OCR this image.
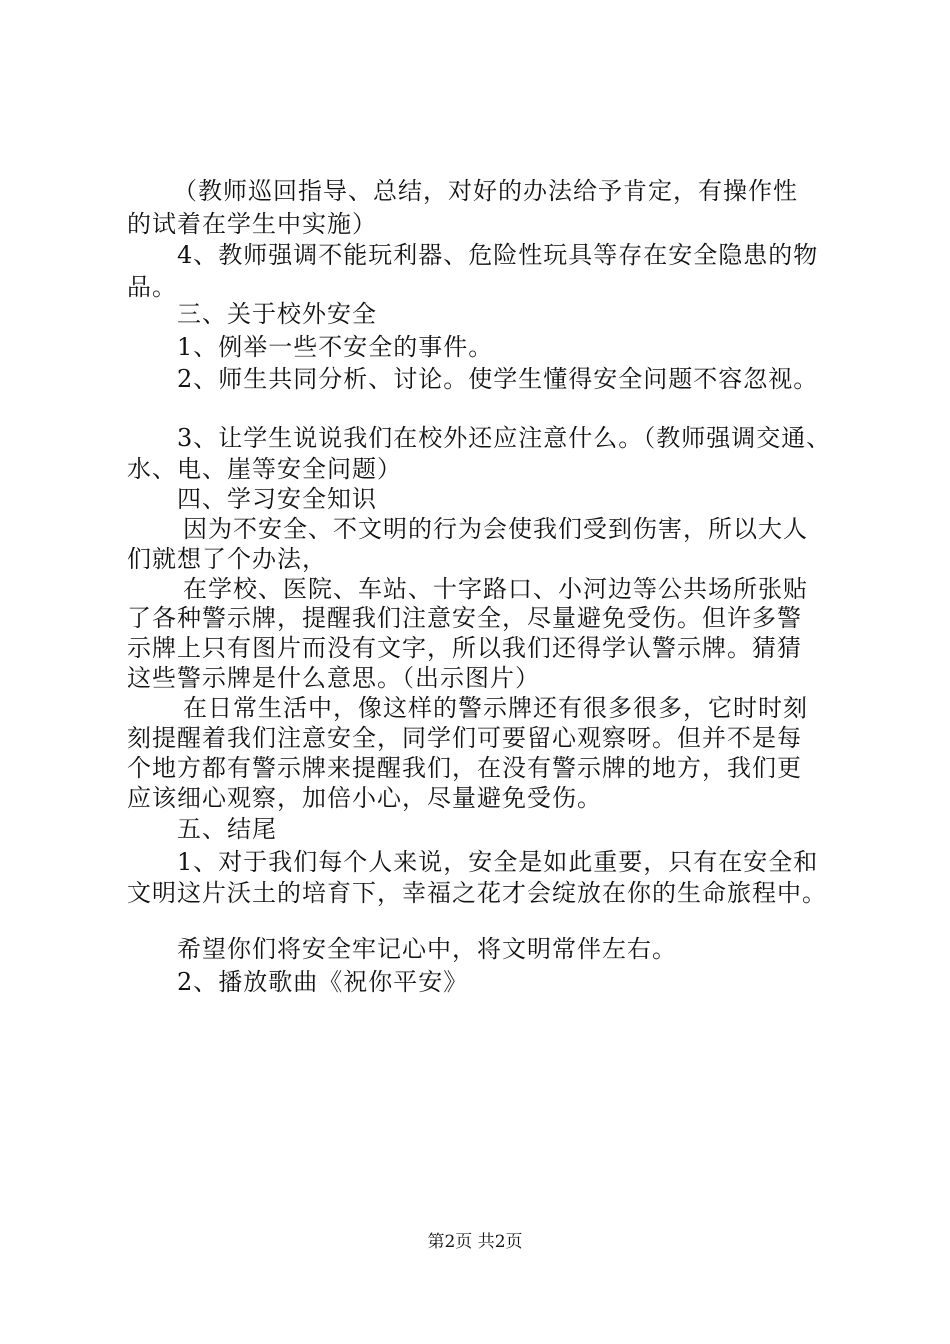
（教师巡回指导、总结，对好的办法给予肯定，有操作性
的试着在学生中实施）
4、教师强调不能玩利器、危险性玩具等存在安全隐患的物
品。
三、关于校外安全
1、例举一些不安全的事件。
2、师生共同分析、讨论。使学生懂得安全问题不容忽视。
3、让学生说说我们在校外还应注意什么。（教师强调交通、
水、电、崖等安全问题）
四、学习安全知识
因为不安全、不文明的行为会使我们受到伤害，所以大人
们就想了个办法，
在学校、医院、车站、十字路口、小河边等公共场所张贴
了各种警示牌，提醒我们注意安全，尽量避免受伤。但许多警
示牌上只有图片而没有文字，所以我们还得学认警示牌。猜猜
这些警示牌是什么意思。（出示图片）
在日常生活中，像这样的警示牌还有很多很多，它时时刻
刻提醒着我们注意安全，同学们可要留心观察呀。但并不是每
个地方都有警示牌来提醒我们，在没有警示牌的地方，我们更
应该细心观察，加倍小心，尽量避免受伤。
五、结尾
1、对于我们每个人来说，安全是如此重要，只有在安全和
文明这片沃土的培育下，幸福之花才会绽放在你的生命旅程中。
希望你们将安全牢记心中，将文明常伴左右。
2、播放歌曲《祝你平安》
第2页 共2页
